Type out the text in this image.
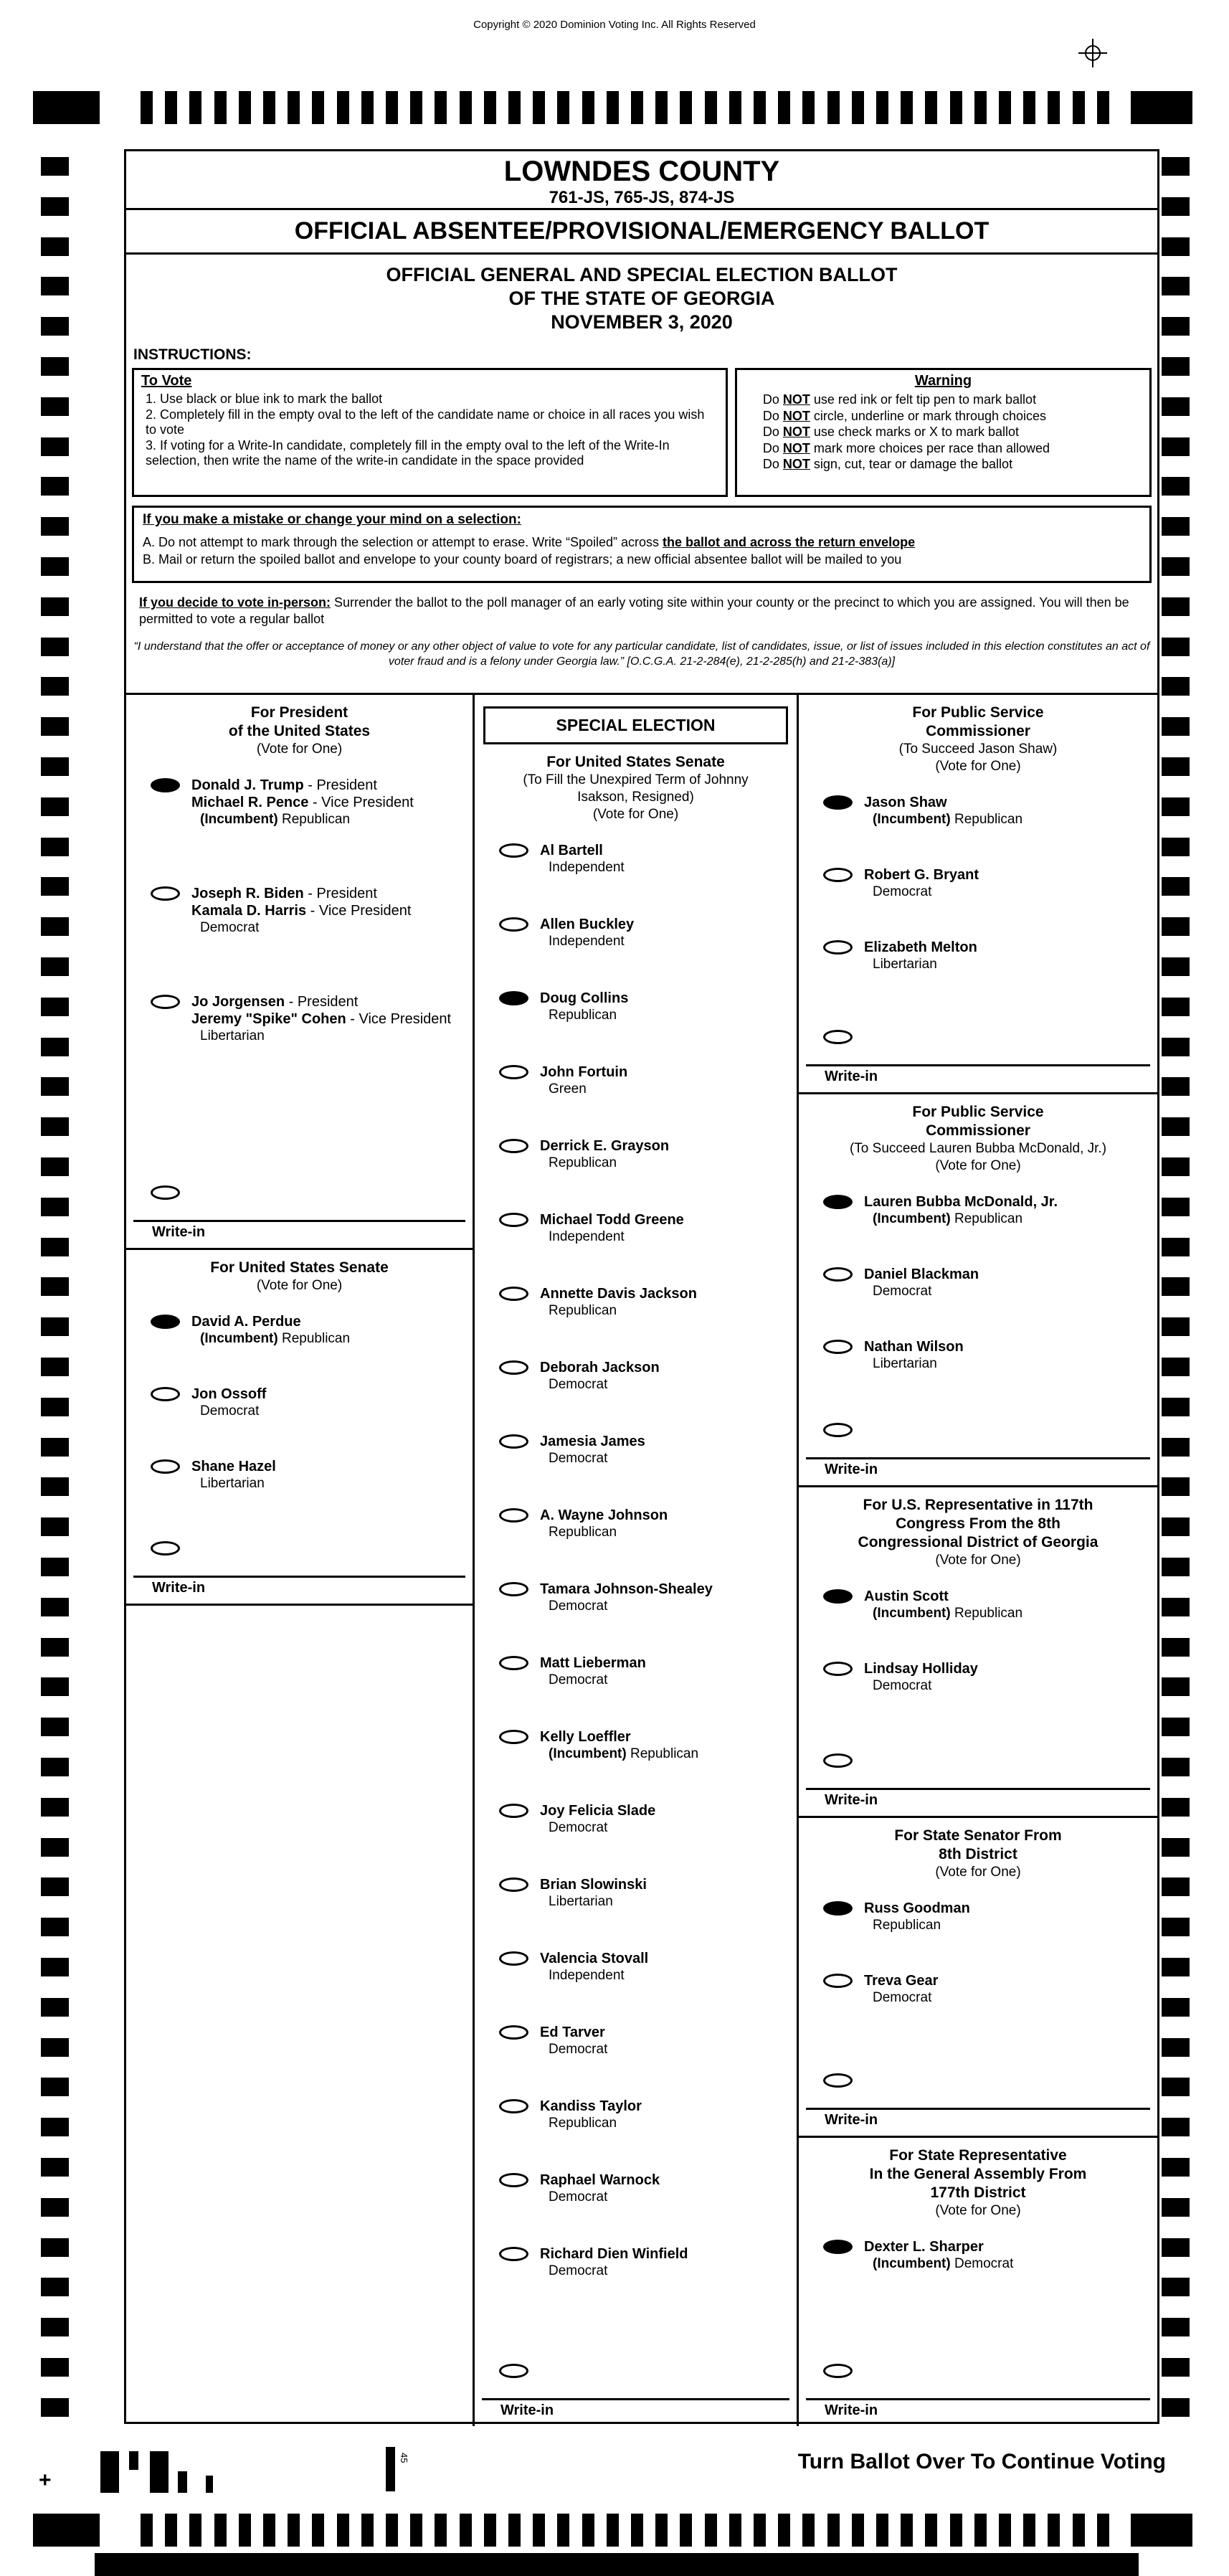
Copyright © 2020 Dominion Voting Inc. All Rights Reserved
LOWNDES COUNTY
761-JS, 765-JS, 874-JS
OFFICIAL ABSENTEE/PROVISIONAL/EMERGENCY BALLOT
OFFICIAL GENERAL AND SPECIAL ELECTION BALLOT
OF THE STATE OF GEORGIA
NOVEMBER 3, 2020
INSTRUCTIONS:
To Vote
1. Use black or blue ink to mark the ballot
2. Completely fill in the empty oval to the left of the candidate name or choice in all races you wish to vote
3. If voting for a Write-In candidate, completely fill in the empty oval to the left of the Write-In selection, then write the name of the write-in candidate in the space provided
Warning
Do NOT use red ink or felt tip pen to mark ballot
Do NOT circle, underline or mark through choices
Do NOT use check marks or X to mark ballot
Do NOT mark more choices per race than allowed
Do NOT sign, cut, tear or damage the ballot
If you make a mistake or change your mind on a selection:
A. Do not attempt to mark through the selection or attempt to erase. Write “Spoiled” across the ballot and across the return envelope
B. Mail or return the spoiled ballot and envelope to your county board of registrars; a new official absentee ballot will be mailed to you
If you decide to vote in-person: Surrender the ballot to the poll manager of an early voting site within your county or the precinct to which you are assigned. You will then be permitted to vote a regular ballot
“I understand that the offer or acceptance of money or any other object of value to vote for any particular candidate, list of candidates, issue, or list of issues included in this election constitutes an act of voter fraud and is a felony under Georgia law.” [O.C.G.A. 21-2-284(e), 21-2-285(h) and 21-2-383(a)]
For President
of the United States
(Vote for One)
Donald J. Trump - President
Michael R. Pence - Vice President
(Incumbent) Republican
Joseph R. Biden - President
Kamala D. Harris - Vice President
Democrat
Jo Jorgensen - President
Jeremy "Spike" Cohen - Vice President
Libertarian
Write-in
For United States Senate
(Vote for One)
David A. Perdue
(Incumbent) Republican
Jon Ossoff
Democrat
Shane Hazel
Libertarian
Write-in
SPECIAL ELECTION
For United States Senate
(To Fill the Unexpired Term of Johnny
Isakson, Resigned)
(Vote for One)
Al Bartell
Independent
Allen Buckley
Independent
Doug Collins
Republican
John Fortuin
Green
Derrick E. Grayson
Republican
Michael Todd Greene
Independent
Annette Davis Jackson
Republican
Deborah Jackson
Democrat
Jamesia James
Democrat
A. Wayne Johnson
Republican
Tamara Johnson-Shealey
Democrat
Matt Lieberman
Democrat
Kelly Loeffler
(Incumbent) Republican
Joy Felicia Slade
Democrat
Brian Slowinski
Libertarian
Valencia Stovall
Independent
Ed Tarver
Democrat
Kandiss Taylor
Republican
Raphael Warnock
Democrat
Richard Dien Winfield
Democrat
Write-in
For Public Service
Commissioner
(To Succeed Jason Shaw)
(Vote for One)
Jason Shaw
(Incumbent) Republican
Robert G. Bryant
Democrat
Elizabeth Melton
Libertarian
Write-in
For Public Service
Commissioner
(To Succeed Lauren Bubba McDonald, Jr.)
(Vote for One)
Lauren Bubba McDonald, Jr.
(Incumbent) Republican
Daniel Blackman
Democrat
Nathan Wilson
Libertarian
Write-in
For U.S. Representative in 117th
Congress From the 8th
Congressional District of Georgia
(Vote for One)
Austin Scott
(Incumbent) Republican
Lindsay Holliday
Democrat
Write-in
For State Senator From
8th District
(Vote for One)
Russ Goodman
Republican
Treva Gear
Democrat
Write-in
For State Representative
In the General Assembly From
177th District
(Vote for One)
Dexter L. Sharper
(Incumbent) Democrat
Write-in
+
45	Turn Ballot Over To Continue Voting
